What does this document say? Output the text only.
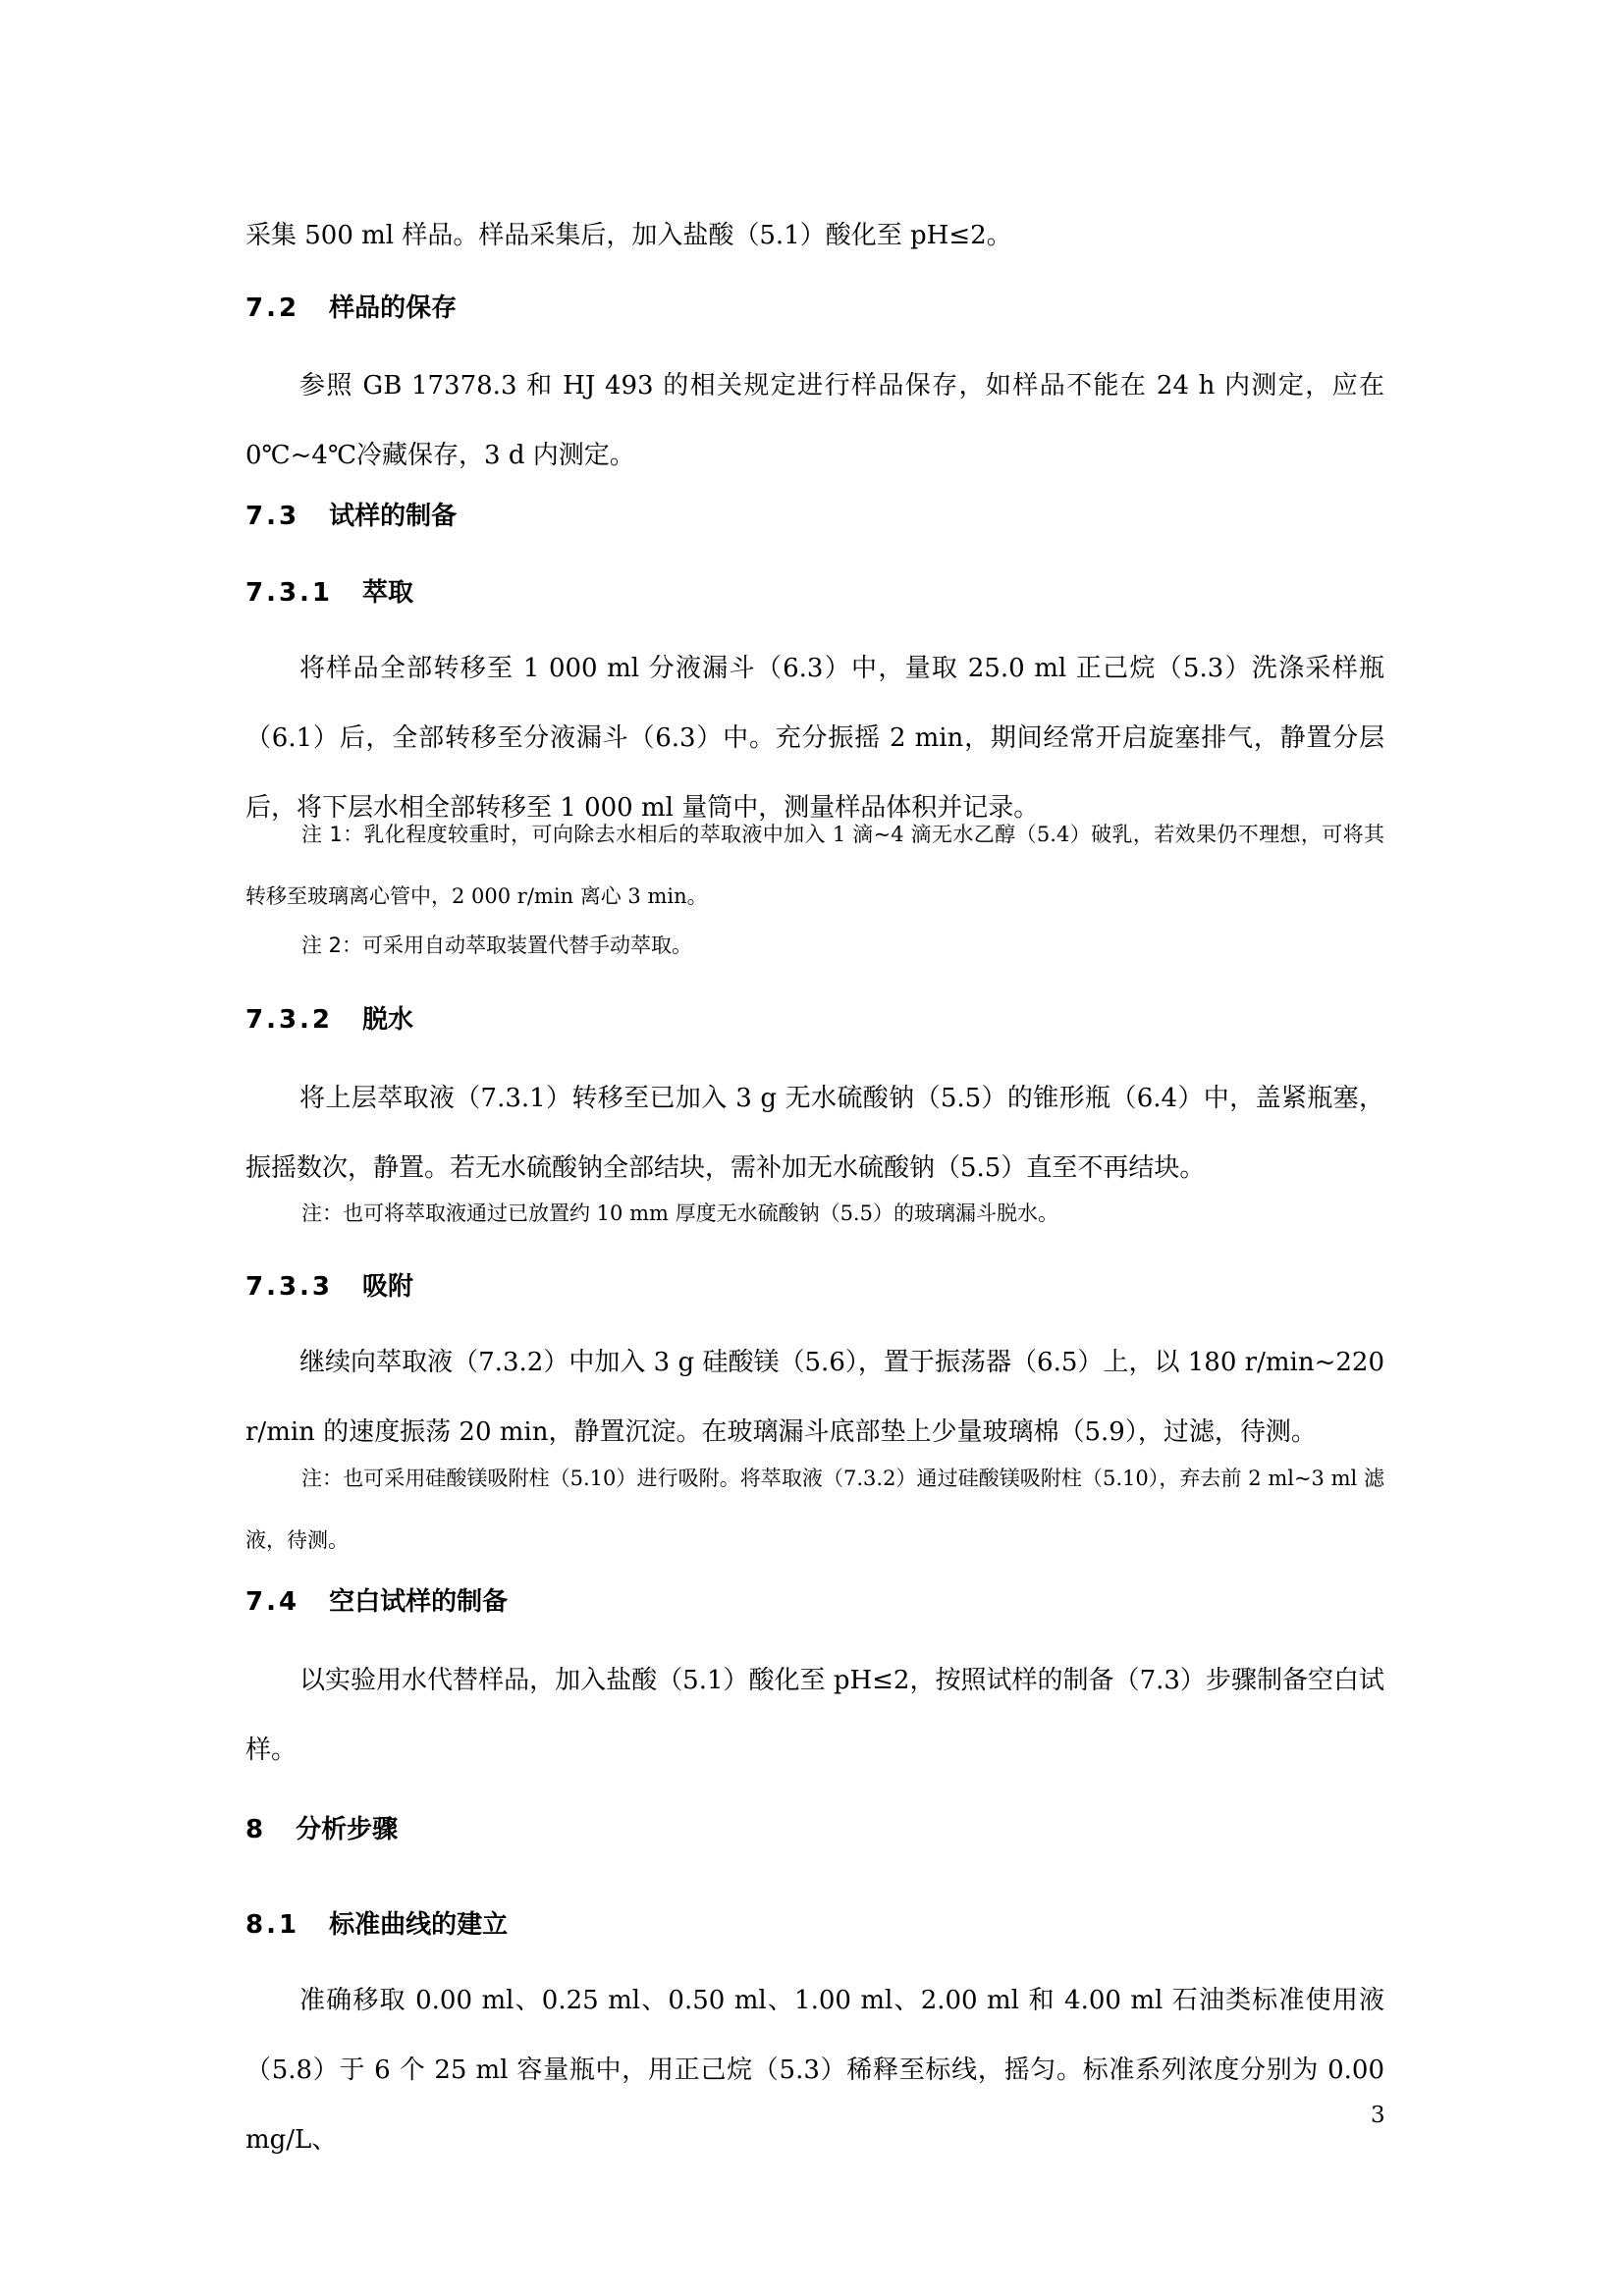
采集 500 ml 样品。样品采集后，加入盐酸（5.1）酸化至 pH≤2。

7.2 样品的保存

参照 GB 17378.3 和 HJ 493 的相关规定进行样品保存，如样品不能在 24 h 内测定，应在 0℃~4℃冷藏保存，3 d 内测定。

7.3 试样的制备
7.3.1 萃取

将样品全部转移至 1 000 ml 分液漏斗（6.3）中，量取 25.0 ml 正己烷（5.3）洗涤采样瓶（6.1）后，全部转移至分液漏斗（6.3）中。充分振摇 2 min，期间经常开启旋塞排气，静置分层后，将下层水相全部转移至 1 000 ml 量筒中，测量样品体积并记录。

注 1：乳化程度较重时，可向除去水相后的萃取液中加入 1 滴~4 滴无水乙醇（5.4）破乳，若效果仍不理想，可将其转移至玻璃离心管中，2 000 r/min 离心 3 min。

注 2：可采用自动萃取装置代替手动萃取。

7.3.2 脱水

将上层萃取液（7.3.1）转移至已加入 3 g 无水硫酸钠（5.5）的锥形瓶（6.4）中，盖紧瓶塞，振摇数次，静置。若无水硫酸钠全部结块，需补加无水硫酸钠（5.5）直至不再结块。

注：也可将萃取液通过已放置约 10 mm 厚度无水硫酸钠（5.5）的玻璃漏斗脱水。

7.3.3 吸附

继续向萃取液（7.3.2）中加入 3 g 硅酸镁（5.6），置于振荡器（6.5）上，以 180 r/min~220 r/min 的速度振荡 20 min，静置沉淀。在玻璃漏斗底部垫上少量玻璃棉（5.9），过滤，待测。

注：也可采用硅酸镁吸附柱（5.10）进行吸附。将萃取液（7.3.2）通过硅酸镁吸附柱（5.10），弃去前 2 ml~3 ml 滤液，待测。

7.4 空白试样的制备

以实验用水代替样品，加入盐酸（5.1）酸化至 pH≤2，按照试样的制备（7.3）步骤制备空白试样。

8 分析步骤
8.1 标准曲线的建立

准确移取 0.00 ml、0.25 ml、0.50 ml、1.00 ml、2.00 ml 和 4.00 ml 石油类标准使用液（5.8）于 6 个 25 ml 容量瓶中，用正己烷（5.3）稀释至标线，摇匀。标准系列浓度分别为 0.00 mg/L、

3
